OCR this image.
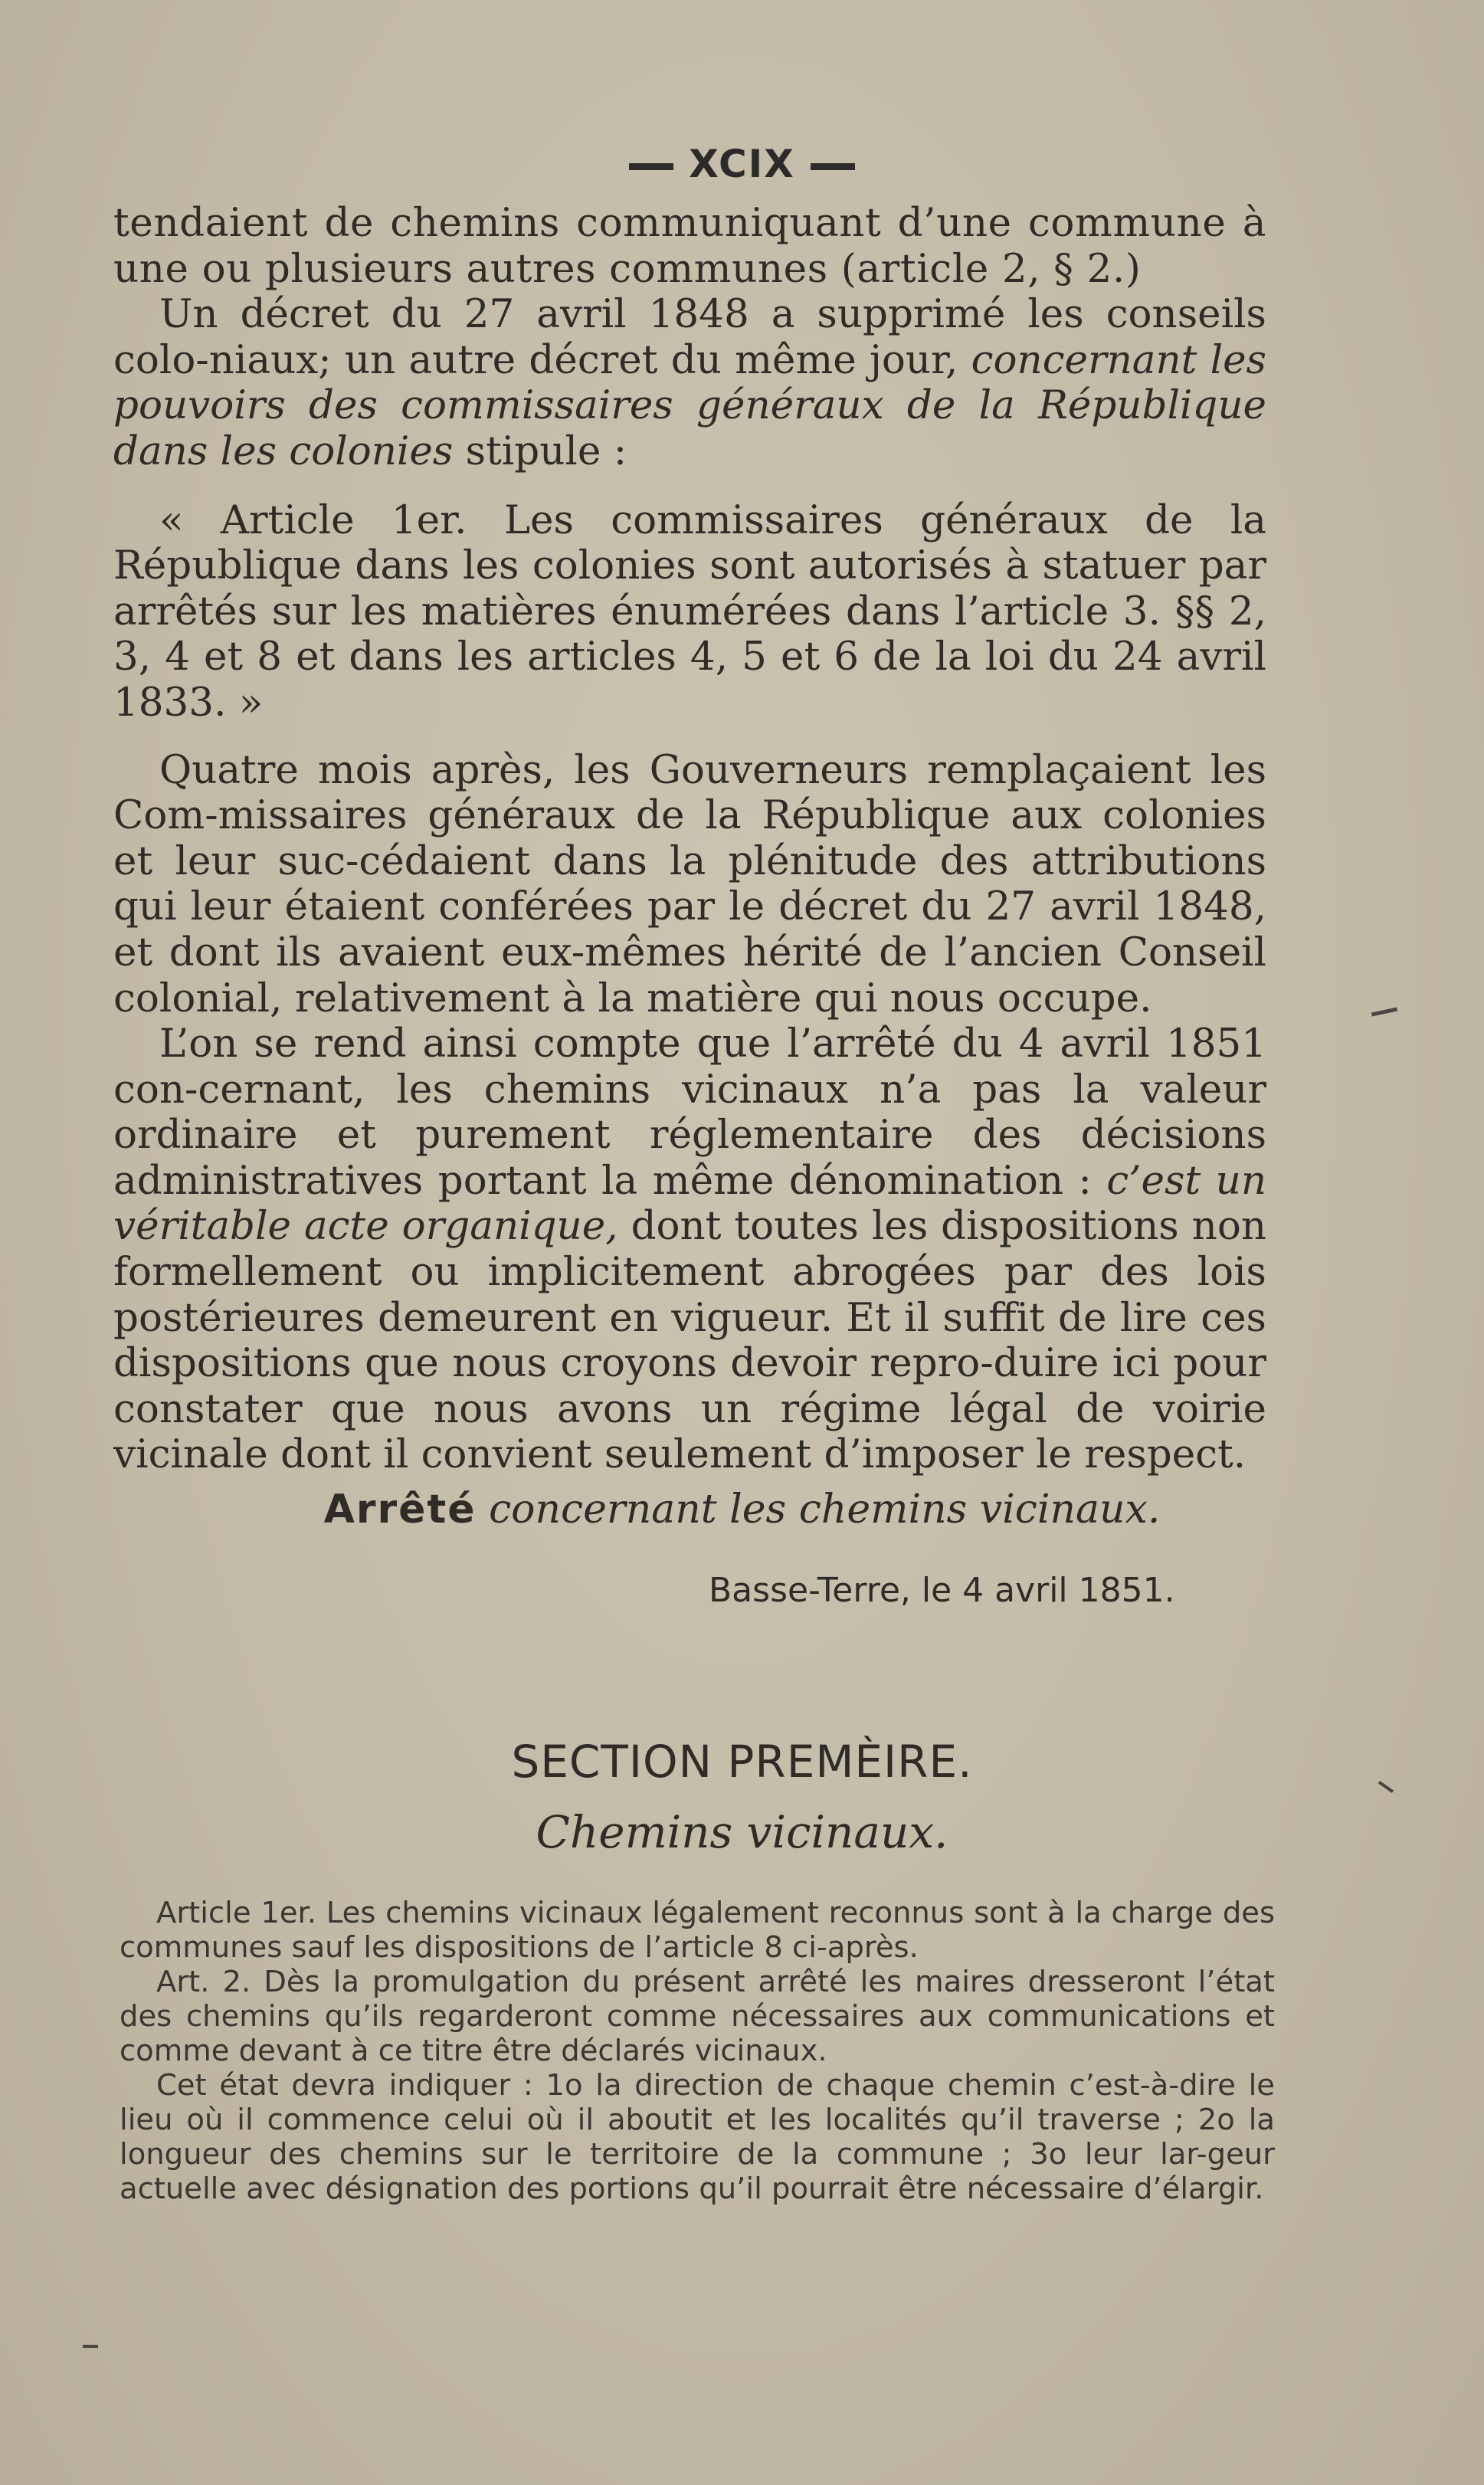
XCIX

tendaient de chemins communiquant d’une commune à une ou plusieurs autres communes (article 2, § 2.)

Un décret du 27 avril 1848 a supprimé les conseils colo-niaux; un autre décret du même jour, concernant les pouvoirs des commissaires généraux de la République dans les colonies stipule :

« Article 1er. Les commissaires généraux de la République dans les colonies sont autorisés à statuer par arrêtés sur les matières énumérées dans l’article 3. §§ 2, 3, 4 et 8 et dans les articles 4, 5 et 6 de la loi du 24 avril 1833. »

Quatre mois après, les Gouverneurs remplaçaient les Com-missaires généraux de la République aux colonies et leur suc-cédaient dans la plénitude des attributions qui leur étaient conférées par le décret du 27 avril 1848, et dont ils avaient eux-mêmes hérité de l’ancien Conseil colonial, relativement à la matière qui nous occupe.

L’on se rend ainsi compte que l’arrêté du 4 avril 1851 con-cernant, les chemins vicinaux n’a pas la valeur ordinaire et purement réglementaire des décisions administratives portant la même dénomination : c’est un véritable acte organique, dont toutes les dispositions non formellement ou implicitement abrogées par des lois postérieures demeurent en vigueur. Et il suffit de lire ces dispositions que nous croyons devoir repro-duire ici pour constater que nous avons un régime légal de voirie vicinale dont il convient seulement d’imposer le respect.

Arrêté concernant les chemins vicinaux.
Basse-Terre, le 4 avril 1851.
SECTION PREMÈIRE.
Chemins vicinaux.

Article 1er. Les chemins vicinaux légalement reconnus sont à la charge des communes sauf les dispositions de l’article 8 ci-après.

Art. 2. Dès la promulgation du présent arrêté les maires dresseront l’état des chemins qu’ils regarderont comme nécessaires aux communications et comme devant à ce titre être déclarés vicinaux.

Cet état devra indiquer : 1o la direction de chaque chemin c’est-à-dire le lieu où il commence celui où il aboutit et les localités qu’il traverse ; 2o la longueur des chemins sur le territoire de la commune ; 3o leur lar-geur actuelle avec désignation des portions qu’il pourrait être nécessaire d’élargir.
